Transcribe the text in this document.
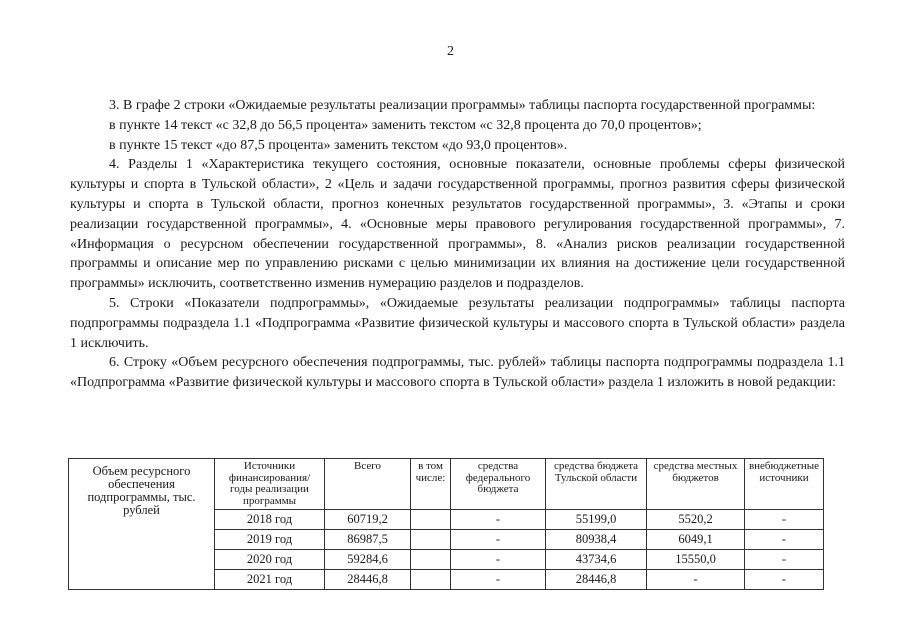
2

3. В графе 2 строки «Ожидаемые результаты реализации программы» таблицы паспорта государственной программы:

в пункте 14 текст «с 32,8 до 56,5 процента» заменить текстом «с 32,8 процента до 70,0 процентов»;

в пункте 15 текст «до 87,5 процента» заменить текстом «до 93,0 процентов».

4. Разделы 1 «Характеристика текущего состояния, основные показатели, основные проблемы сферы физической культуры и спорта в Тульской области», 2 «Цель и задачи государственной программы, прогноз развития сферы физической культуры и спорта в Тульской области, прогноз конечных результатов государственной программы», 3. «Этапы и сроки реализации государственной программы», 4. «Основные меры правового регулирования государственной программы», 7. «Информация о ресурсном обеспечении государственной программы», 8. «Анализ рисков реализации государственной программы и описание мер по управлению рисками с целью минимизации их влияния на достижение цели государственной программы» исключить, соответственно изменив нумерацию разделов и подразделов.

5. Строки «Показатели подпрограммы», «Ожидаемые результаты реализации подпрограммы» таблицы паспорта подпрограммы подраздела 1.1 «Подпрограмма «Развитие физической культуры и массового спорта в Тульской области» раздела 1 исключить.

6. Строку «Объем ресурсного обеспечения подпрограммы, тыс. рублей» таблицы паспорта подпрограммы подраздела 1.1 «Подпрограмма «Развитие физической культуры и массового спорта в Тульской области» раздела 1 изложить в новой редакции:

Объем ресурсного обеспечения подпрограммы, тыс. рублей	Источники финансирования/ годы реализации программы	Всего	в том числе:	средства федерального бюджета	средства бюджета Тульской области	средства местных бюджетов	внебюджетные источники
	2018 год	60719,2		-	55199,0	5520,2	-
	2019 год	86987,5		-	80938,4	6049,1	-
	2020 год	59284,6		-	43734,6	15550,0	-
	2021 год	28446,8		-	28446,8	-	-
